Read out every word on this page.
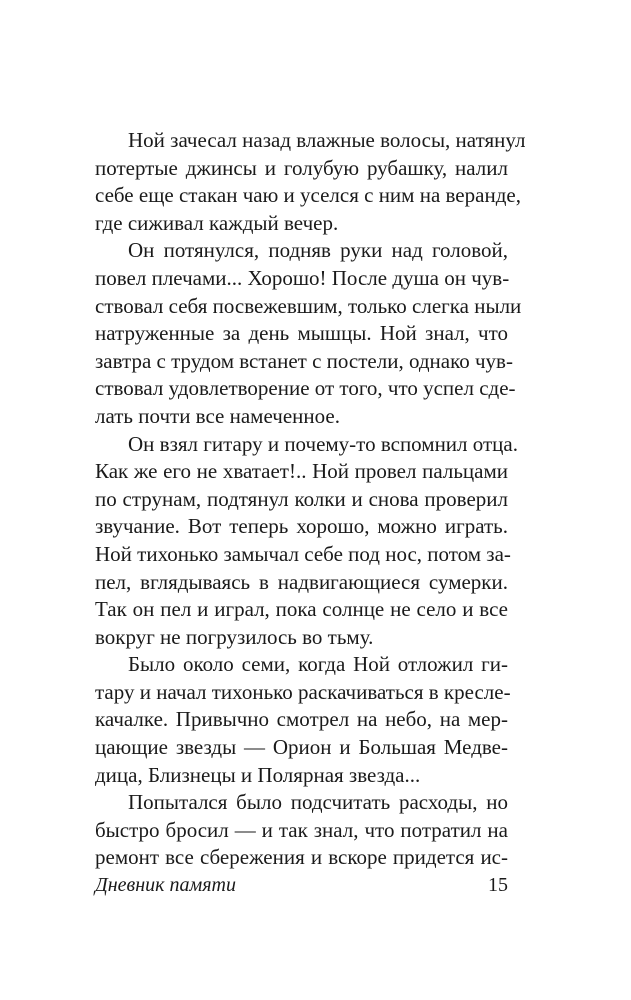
Ной зачесал назад влажные волосы, натянул
потертые джинсы и голубую рубашку, налил
себе еще стакан чаю и уселся с ним на веранде,
где сиживал каждый вечер.
Он потянулся, подняв руки над головой,
повел плечами... Хорошо! После душа он чув-
ствовал себя посвежевшим, только слегка ныли
натруженные за день мышцы. Ной знал, что
завтра с трудом встанет с постели, однако чув-
ствовал удовлетворение от того, что успел сде-
лать почти все намеченное.
Он взял гитару и почему-то вспомнил отца.
Как же его не хватает!.. Ной провел пальцами
по струнам, подтянул колки и снова проверил
звучание. Вот теперь хорошо, можно играть.
Ной тихонько замычал себе под нос, потом за-
пел, вглядываясь в надвигающиеся сумерки.
Так он пел и играл, пока солнце не село и все
вокруг не погрузилось во тьму.
Было около семи, когда Ной отложил ги-
тару и начал тихонько раскачиваться в кресле-
качалке. Привычно смотрел на небо, на мер-
цающие звезды — Орион и Большая Медве-
дица, Близнецы и Полярная звезда...
Попытался было подсчитать расходы, но
быстро бросил — и так знал, что потратил на
ремонт все сбережения и вскоре придется ис-
Дневник памяти	15
